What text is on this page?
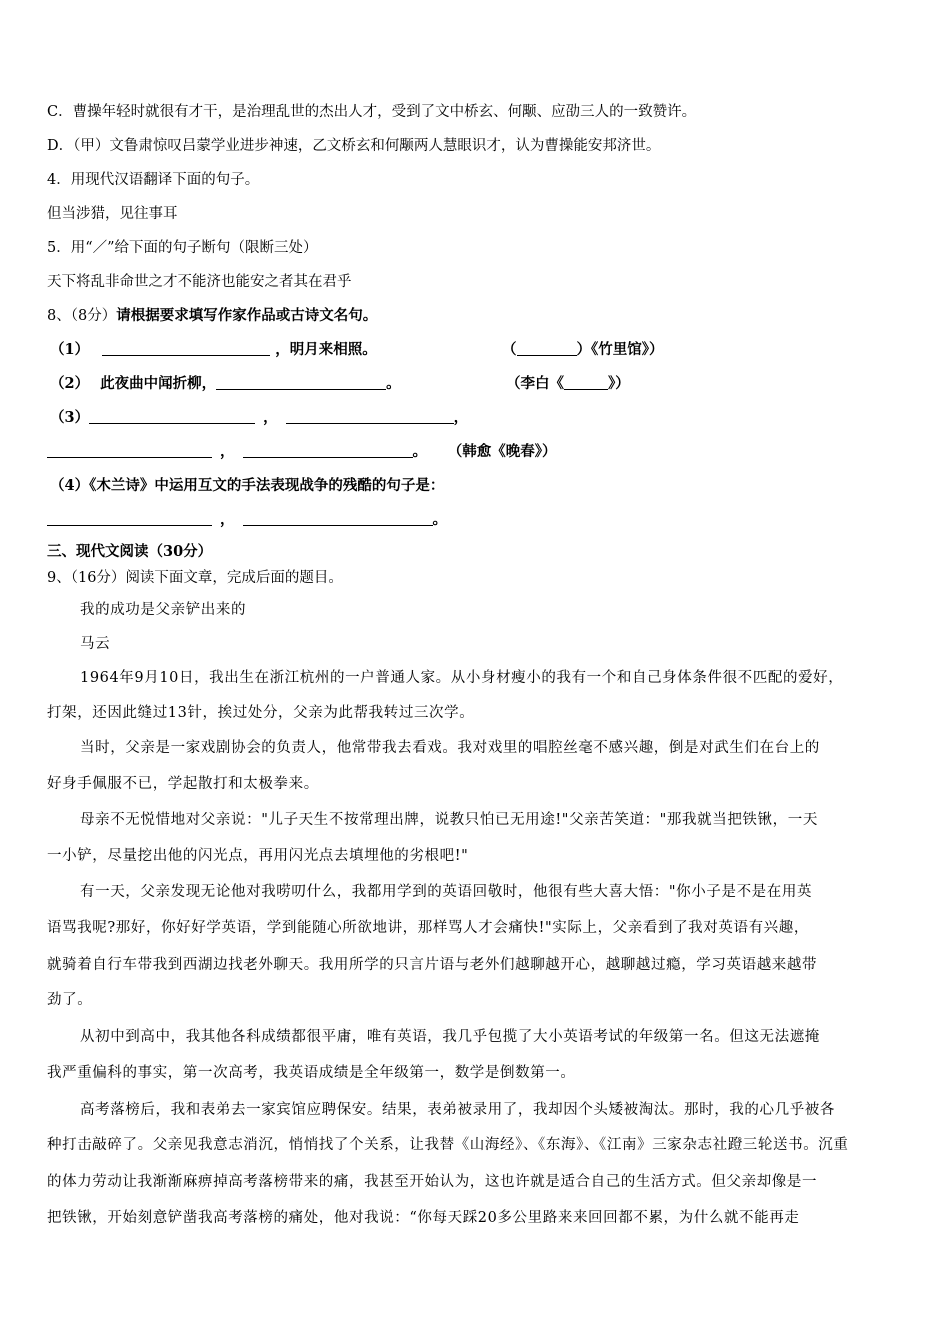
C．曹操年轻时就很有才干，是治理乱世的杰出人才，受到了文中桥玄、何颙、应劭三人的一致赞许。
D．（甲）文鲁肃惊叹吕蒙学业进步神速，乙文桥玄和何颙两人慧眼识才，认为曹操能安邦济世。
4．用现代汉语翻译下面的句子。
但当涉猎，见往事耳
5．用“／”给下面的句子断句（限断三处）
天下将乱非命世之才不能济也能安之者其在君乎
8、（8分）请根据要求填写作家作品或古诗文名句。
（1）	，明月来相照。	（	）《竹里馆》）
（2） 此夜曲中闻折柳，	。	（李白《	》）
（3）	，	，
，	。 （韩愈《晚春》）
（4）《木兰诗》中运用互文的手法表现战争的残酷的句子是：
，	。
三、现代文阅读（30分）
9、（16分）阅读下面文章，完成后面的题目。
我的成功是父亲铲出来的
马云
1964年9月10日，我出生在浙江杭州的一户普通人家。从小身材瘦小的我有一个和自己身体条件很不匹配的爱好，
打架，还因此缝过13针，挨过处分，父亲为此帮我转过三次学。
当时，父亲是一家戏剧协会的负责人，他常带我去看戏。我对戏里的唱腔丝毫不感兴趣，倒是对武生们在台上的
好身手佩服不已，学起散打和太极拳来。
母亲不无悦惜地对父亲说："儿子天生不按常理出牌，说教只怕已无用途!"父亲苦笑道："那我就当把铁锹，一天
一小铲，尽量挖出他的闪光点，再用闪光点去填埋他的劣根吧!"
有一天，父亲发现无论他对我唠叨什么，我都用学到的英语回敬时，他很有些大喜大悟："你小子是不是在用英
语骂我呢?那好，你好好学英语，学到能随心所欲地讲，那样骂人才会痛快!"实际上，父亲看到了我对英语有兴趣，
就骑着自行车带我到西湖边找老外聊天。我用所学的只言片语与老外们越聊越开心，越聊越过瘾，学习英语越来越带
劲了。
从初中到高中，我其他各科成绩都很平庸，唯有英语，我几乎包揽了大小英语考试的年级第一名。但这无法遮掩
我严重偏科的事实，第一次高考，我英语成绩是全年级第一，数学是倒数第一。
高考落榜后，我和表弟去一家宾馆应聘保安。结果，表弟被录用了，我却因个头矮被淘汰。那时，我的心几乎被各
种打击敲碎了。父亲见我意志消沉，悄悄找了个关系，让我替《山海经》、《东海》、《江南》三家杂志社蹬三轮送书。沉重
的体力劳动让我渐渐麻痹掉高考落榜带来的痛，我甚至开始认为，这也许就是适合自己的生活方式。但父亲却像是一
把铁锹，开始刻意铲凿我高考落榜的痛处，他对我说：“你每天踩20多公里路来来回回都不累，为什么就不能再走
